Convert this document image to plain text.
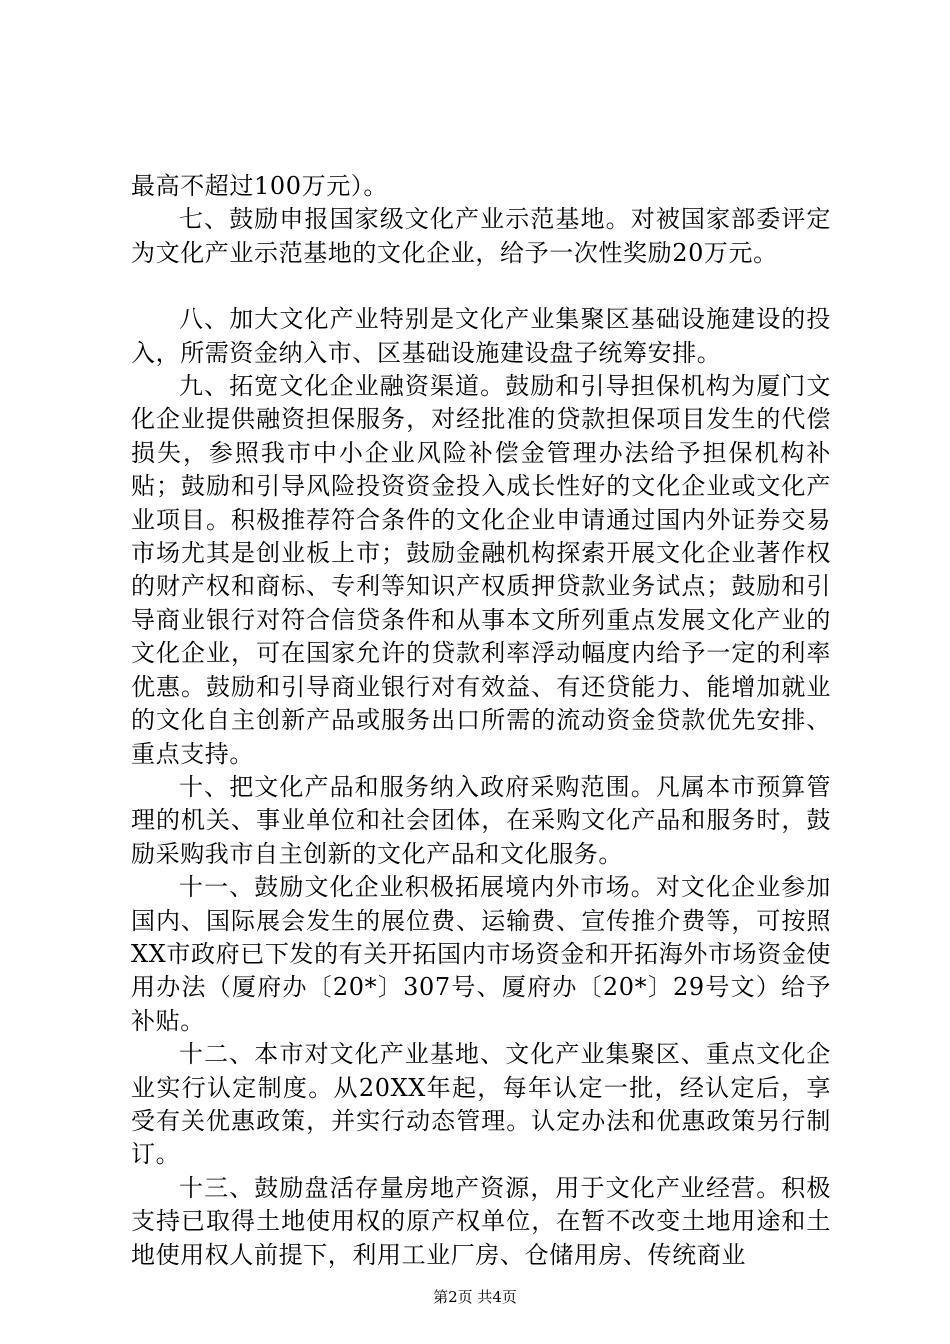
最高不超过100万元）。

七、鼓励申报国家级文化产业示范基地。对被国家部委评定为文化产业示范基地的文化企业，给予一次性奖励20万元。

八、加大文化产业特别是文化产业集聚区基础设施建设的投入，所需资金纳入市、区基础设施建设盘子统筹安排。

九、拓宽文化企业融资渠道。鼓励和引导担保机构为厦门文化企业提供融资担保服务，对经批准的贷款担保项目发生的代偿损失，参照我市中小企业风险补偿金管理办法给予担保机构补贴；鼓励和引导风险投资资金投入成长性好的文化企业或文化产业项目。积极推荐符合条件的文化企业申请通过国内外证券交易市场尤其是创业板上市；鼓励金融机构探索开展文化企业著作权的财产权和商标、专利等知识产权质押贷款业务试点；鼓励和引导商业银行对符合信贷条件和从事本文所列重点发展文化产业的文化企业，可在国家允许的贷款利率浮动幅度内给予一定的利率优惠。鼓励和引导商业银行对有效益、有还贷能力、能增加就业的文化自主创新产品或服务出口所需的流动资金贷款优先安排、重点支持。

十、把文化产品和服务纳入政府采购范围。凡属本市预算管理的机关、事业单位和社会团体，在采购文化产品和服务时，鼓励采购我市自主创新的文化产品和文化服务。

十一、鼓励文化企业积极拓展境内外市场。对文化企业参加国内、国际展会发生的展位费、运输费、宣传推介费等，可按照XX市政府已下发的有关开拓国内市场资金和开拓海外市场资金使用办法（厦府办〔20*〕307号、厦府办〔20*〕29号文）给予补贴。

十二、本市对文化产业基地、文化产业集聚区、重点文化企业实行认定制度。从20XX年起，每年认定一批，经认定后，享受有关优惠政策，并实行动态管理。认定办法和优惠政策另行制订。

十三、鼓励盘活存量房地产资源，用于文化产业经营。积极支持已取得土地使用权的原产权单位，在暂不改变土地用途和土地使用权人前提下，利用工业厂房、仓储用房、传统商业

第2页 共4页
